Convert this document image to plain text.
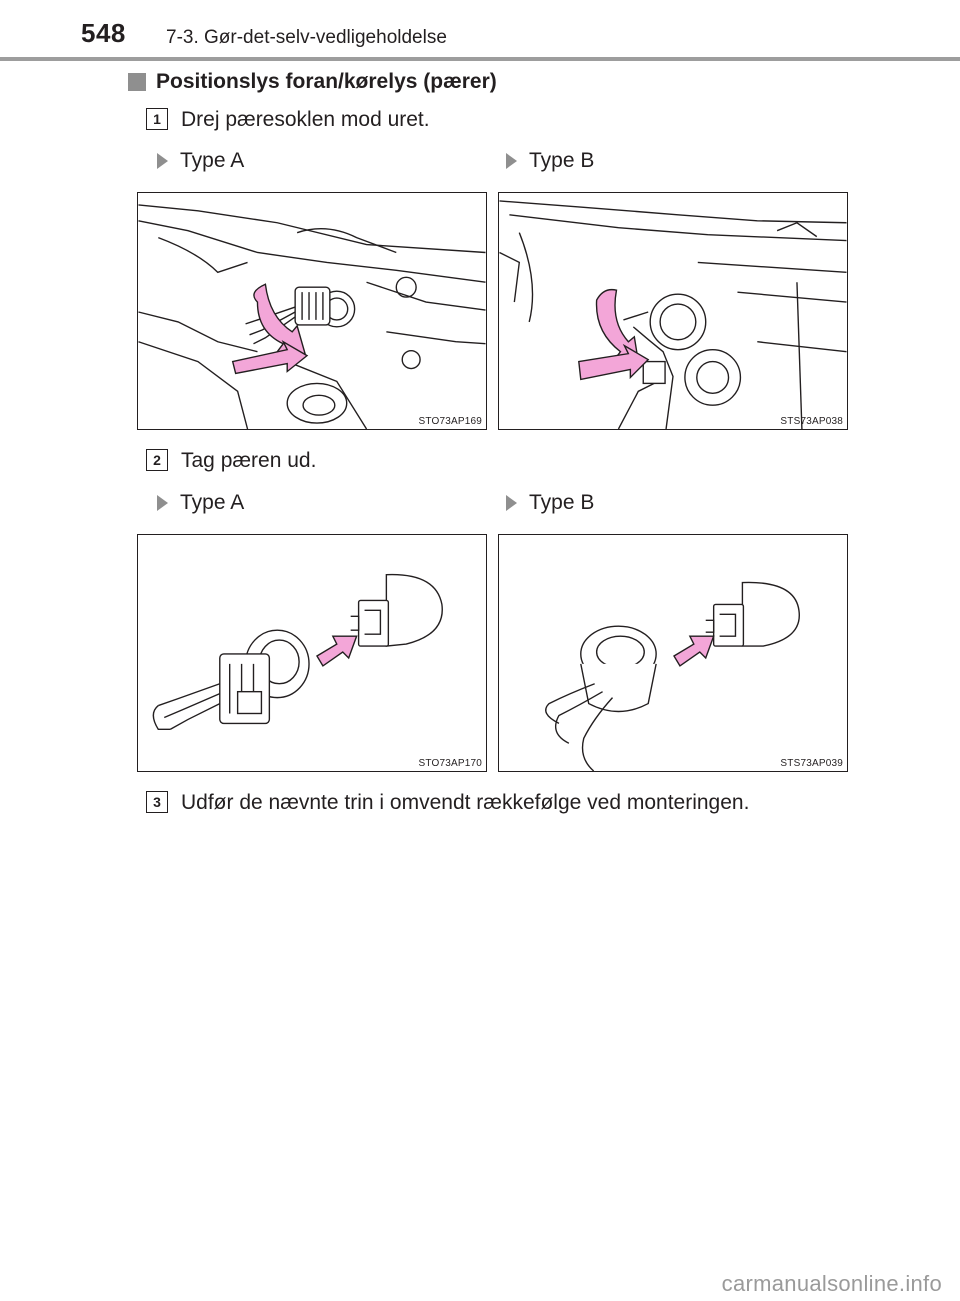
548 7-3. Gør-det-selv-vedligeholdelse
Positionslys foran/kørelys (pærer)
1 Drej pæresoklen mod uret.
Type A	Type B
STO73AP169	STS73AP038
2 Tag pæren ud.
Type A	Type B
STO73AP170	STS73AP039
3 Udfør de nævnte trin i omvendt rækkefølge ved monteringen.
carmanualsonline.info
